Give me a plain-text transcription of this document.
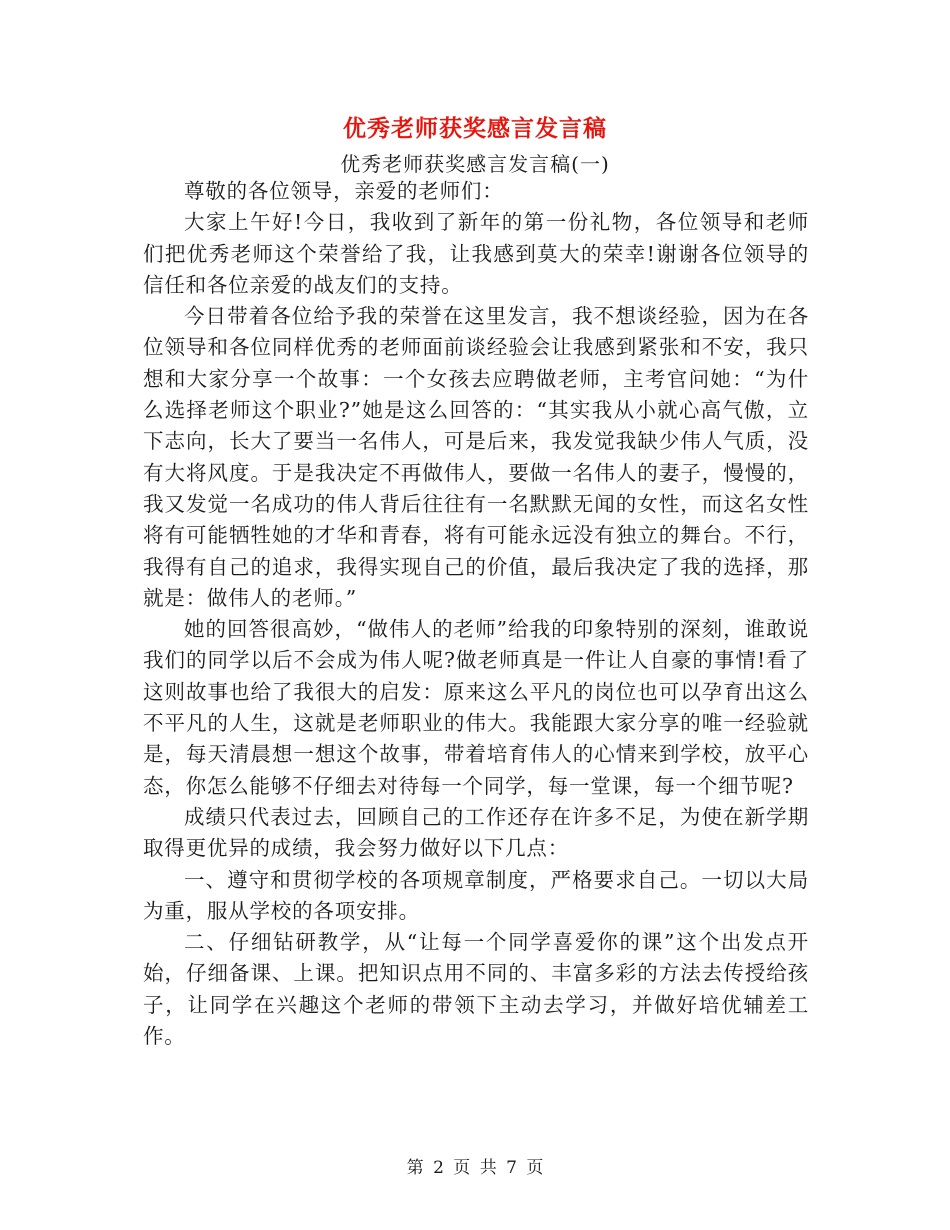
优秀老师获奖感言发言稿
优秀老师获奖感言发言稿(一)

尊敬的各位领导，亲爱的老师们：

大家上午好!今日，我收到了新年的第一份礼物，各位领导和老师们把优秀老师这个荣誉给了我，让我感到莫大的荣幸!谢谢各位领导的信任和各位亲爱的战友们的支持。

今日带着各位给予我的荣誉在这里发言，我不想谈经验，因为在各位领导和各位同样优秀的老师面前谈经验会让我感到紧张和不安，我只想和大家分享一个故事：一个女孩去应聘做老师，主考官问她：“为什么选择老师这个职业?”她是这么回答的：“其实我从小就心高气傲，立下志向，长大了要当一名伟人，可是后来，我发觉我缺少伟人气质，没有大将风度。于是我决定不再做伟人，要做一名伟人的妻子，慢慢的，我又发觉一名成功的伟人背后往往有一名默默无闻的女性，而这名女性将有可能牺牲她的才华和青春，将有可能永远没有独立的舞台。不行，我得有自己的追求，我得实现自己的价值，最后我决定了我的选择，那就是：做伟人的老师。”

她的回答很高妙，“做伟人的老师”给我的印象特别的深刻，谁敢说我们的同学以后不会成为伟人呢?做老师真是一件让人自豪的事情!看了这则故事也给了我很大的启发：原来这么平凡的岗位也可以孕育出这么不平凡的人生，这就是老师职业的伟大。我能跟大家分享的唯一经验就是，每天清晨想一想这个故事，带着培育伟人的心情来到学校，放平心态，你怎么能够不仔细去对待每一个同学，每一堂课，每一个细节呢?

成绩只代表过去，回顾自己的工作还存在许多不足，为使在新学期取得更优异的成绩，我会努力做好以下几点：

一、遵守和贯彻学校的各项规章制度，严格要求自己。一切以大局为重，服从学校的各项安排。

二、仔细钻研教学，从“让每一个同学喜爱你的课”这个出发点开始，仔细备课、上课。把知识点用不同的、丰富多彩的方法去传授给孩子，让同学在兴趣这个老师的带领下主动去学习，并做好培优辅差工作。

第 2 页 共 7 页
